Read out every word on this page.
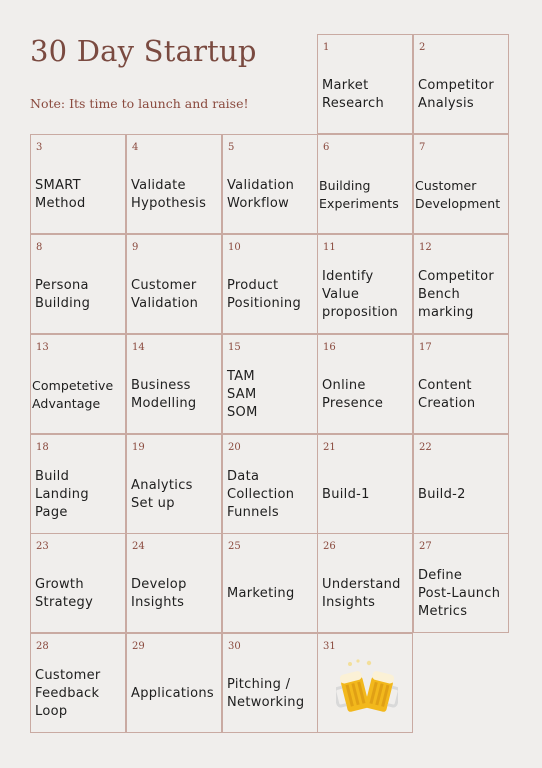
30 Day Startup
Note: Its time to launch and raise!
1
Market
Research
2
Competitor
Analysis
3
SMART
Method
4
Validate
Hypothesis
5
Validation
Workflow
6
Building
Experiments
7
Customer
Development
8
Persona
Building
9
Customer
Validation
10
Product
Positioning
11
Identify
Value
proposition
12
Competitor
Bench
marking
13
Competetive
Advantage
14
Business
Modelling
15
TAM
SAM
SOM
16
Online
Presence
17
Content
Creation
18
Build
Landing
Page
19
Analytics
Set up
20
Data
Collection
Funnels
21
Build-1
22
Build-2
23
Growth
Strategy
24
Develop
Insights
25
Marketing
26
Understand
Insights
27
Define
Post-Launch
Metrics
28
Customer
Feedback
Loop
29
Applications
30
Pitching /
Networking
31
